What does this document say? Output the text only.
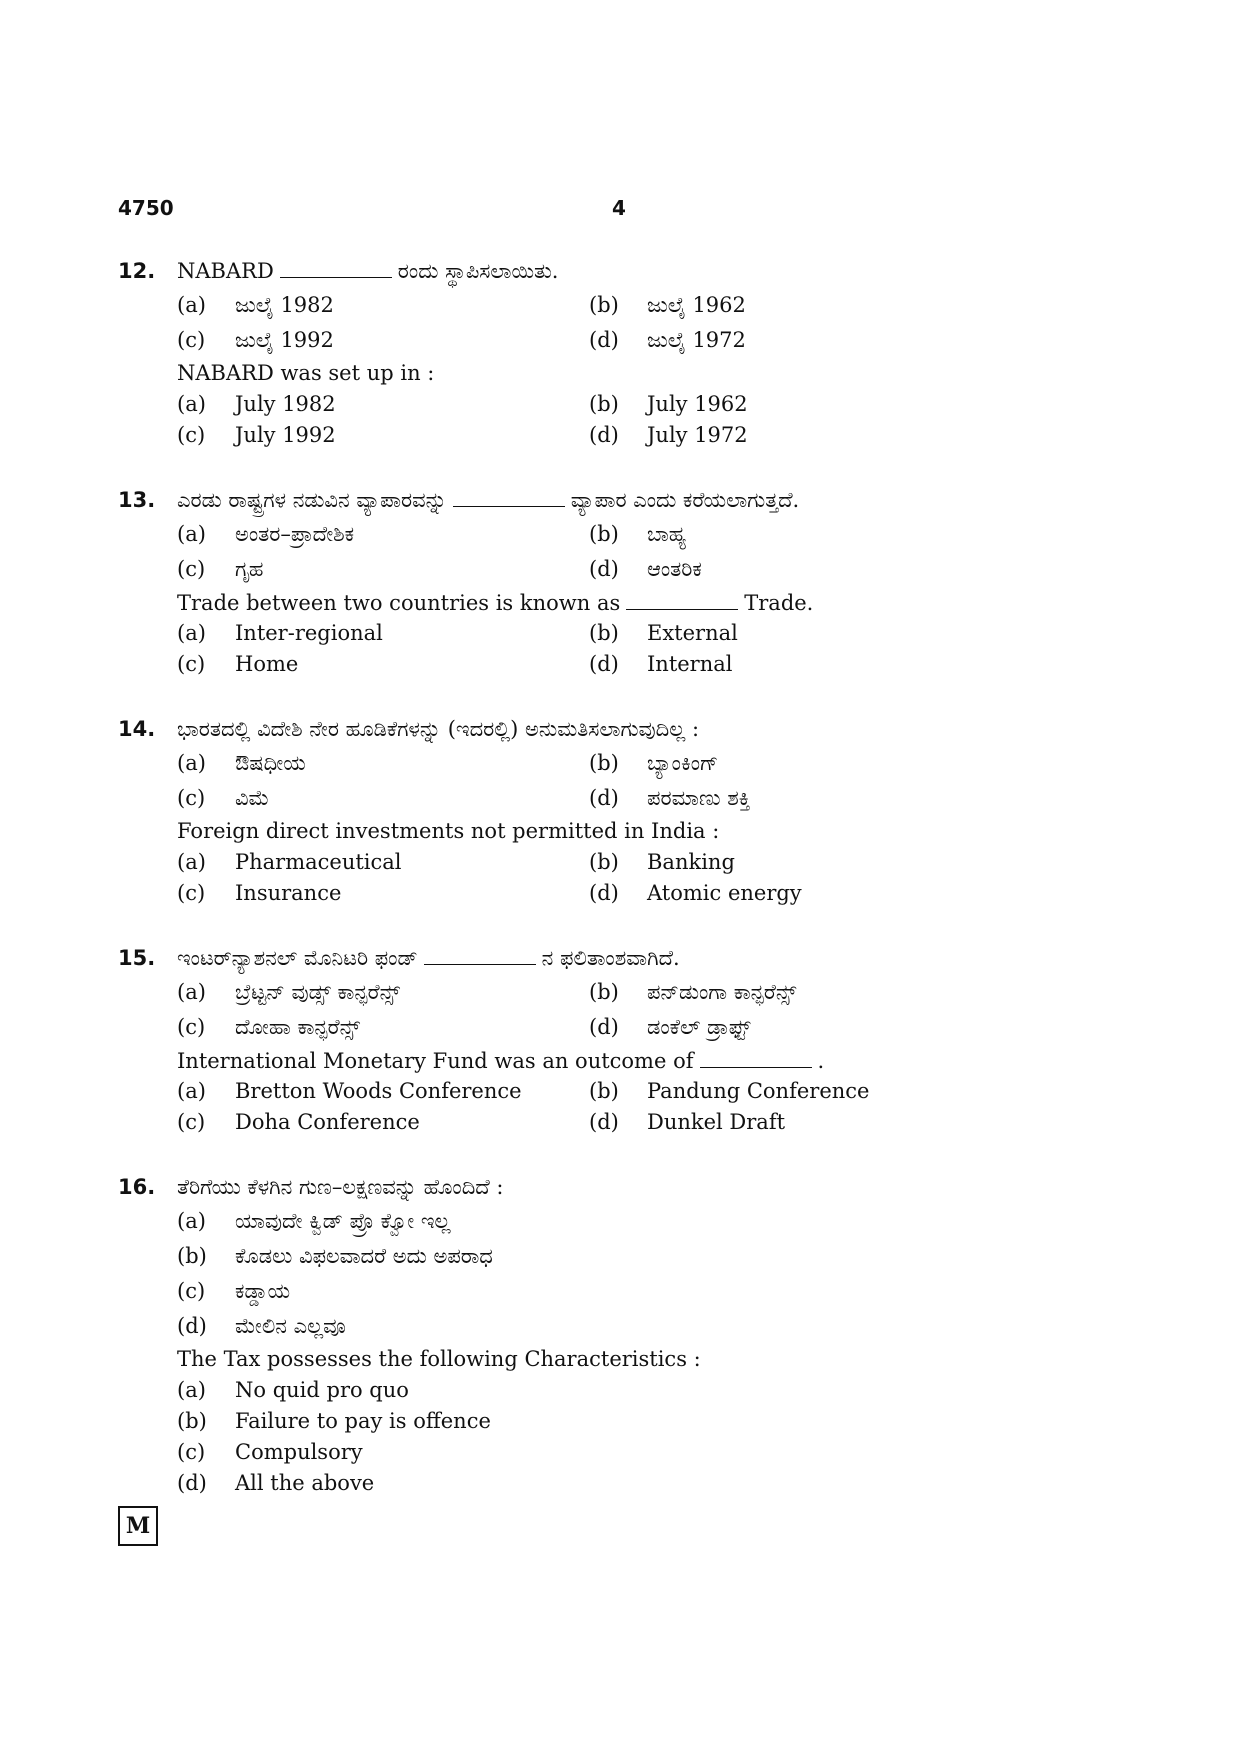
4750	4
12. NABARD	ರಂದು ಸ್ಥಾಪಿಸಲಾಯಿತು.
(a)	ಜುಲೈ 1982	(b)	ಜುಲೈ 1962
(c)	ಜುಲೈ 1992	(d)	ಜುಲೈ 1972
NABARD was set up in :
(a)	July 1982	(b)	July 1962
(c)	July 1992	(d)	July 1972
13. ಎರಡು ರಾಷ್ಟ್ರಗಳ ನಡುವಿನ ವ್ಯಾಪಾರವನ್ನು	ವ್ಯಾಪಾರ ಎಂದು ಕರೆಯಲಾಗುತ್ತದೆ.
(a)	ಅಂತರ–ಪ್ರಾದೇಶಿಕ	(b)	ಬಾಹ್ಯ
(c)	ಗೃಹ	(d)	ಆಂತರಿಕ
Trade between two countries is known as	Trade.
(a)	Inter-regional	(b)	External
(c)	Home	(d)	Internal
14. ಭಾರತದಲ್ಲಿ ವಿದೇಶಿ ನೇರ ಹೂಡಿಕೆಗಳನ್ನು (ಇದರಲ್ಲಿ) ಅನುಮತಿಸಲಾಗುವುದಿಲ್ಲ :
(a)	ಔಷಧೀಯ	(b)	ಬ್ಯಾಂಕಿಂಗ್
(c)	ವಿಮೆ	(d)	ಪರಮಾಣು ಶಕ್ತಿ
Foreign direct investments not permitted in India :
(a)	Pharmaceutical	(b)	Banking
(c)	Insurance	(d)	Atomic energy
15. ಇಂಟರ್‌ನ್ಯಾಶನಲ್ ಮೊನಿಟರಿ ಫಂಡ್	ನ ಫಲಿತಾಂಶವಾಗಿದೆ.
(a)	ಬ್ರೆಟ್ಟನ್ ವುಡ್ಸ್ ಕಾನ್ಫರೆನ್ಸ್	(b)	ಪನ್‌ಡುಂಗಾ ಕಾನ್ಫರೆನ್ಸ್
(c)	ದೋಹಾ ಕಾನ್ಫರೆನ್ಸ್	(d)	ಡಂಕೆಲ್ ಡ್ರಾಫ್ಟ್
International Monetary Fund was an outcome of	.
(a)	Bretton Woods Conference	(b)	Pandung Conference
(c)	Doha Conference	(d)	Dunkel Draft
16. ತೆರಿಗೆಯು ಕೆಳಗಿನ ಗುಣ–ಲಕ್ಷಣವನ್ನು ಹೊಂದಿದೆ :
(a)	ಯಾವುದೇ ಕ್ವಿಡ್ ಪ್ರೊ ಕ್ವೋ ಇಲ್ಲ
(b)	ಕೊಡಲು ವಿಫಲವಾದರೆ ಅದು ಅಪರಾಧ
(c)	ಕಡ್ಡಾಯ
(d)	ಮೇಲಿನ ಎಲ್ಲವೂ
The Tax possesses the following Characteristics :
(a)	No quid pro quo
(b)	Failure to pay is offence
(c)	Compulsory
(d)	All the above
M
